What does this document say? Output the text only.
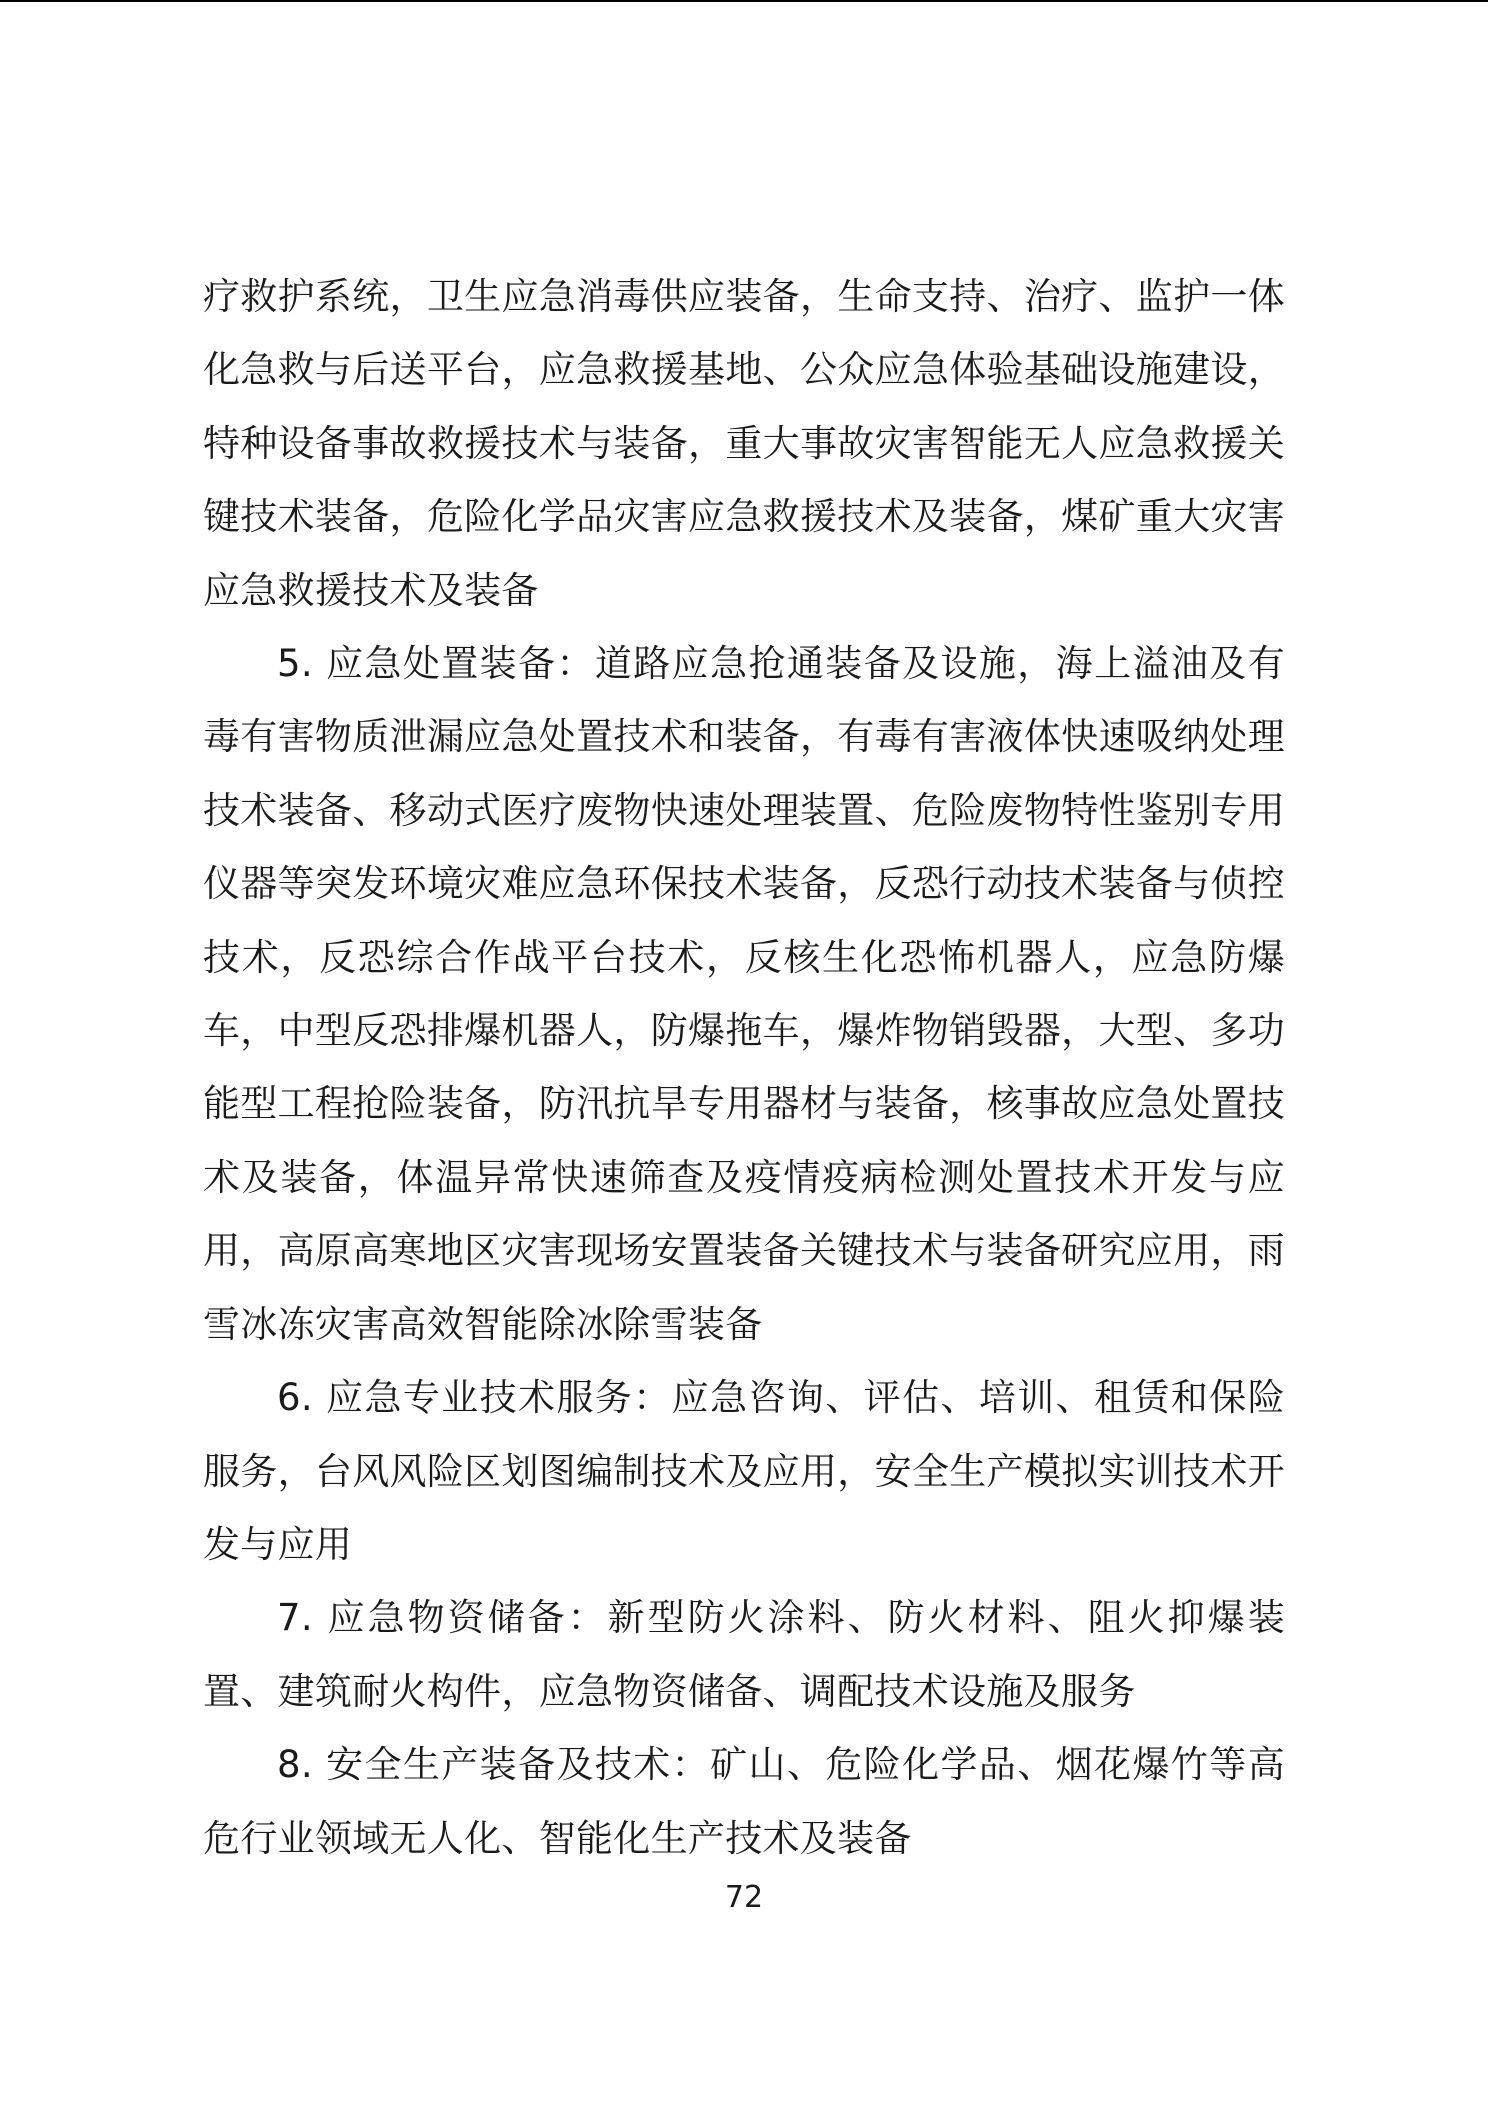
疗救护系统，卫生应急消毒供应装备，生命支持、治疗、监护一体化急救与后送平台，应急救援基地、公众应急体验基础设施建设，特种设备事故救援技术与装备，重大事故灾害智能无人应急救援关键技术装备，危险化学品灾害应急救援技术及装备，煤矿重大灾害应急救援技术及装备

5. 应急处置装备：道路应急抢通装备及设施，海上溢油及有毒有害物质泄漏应急处置技术和装备，有毒有害液体快速吸纳处理技术装备、移动式医疗废物快速处理装置、危险废物特性鉴别专用仪器等突发环境灾难应急环保技术装备，反恐行动技术装备与侦控技术，反恐综合作战平台技术，反核生化恐怖机器人，应急防爆车，中型反恐排爆机器人，防爆拖车，爆炸物销毁器，大型、多功能型工程抢险装备，防汛抗旱专用器材与装备，核事故应急处置技术及装备，体温异常快速筛查及疫情疫病检测处置技术开发与应用，高原高寒地区灾害现场安置装备关键技术与装备研究应用，雨雪冰冻灾害高效智能除冰除雪装备

6. 应急专业技术服务：应急咨询、评估、培训、租赁和保险服务，台风风险区划图编制技术及应用，安全生产模拟实训技术开发与应用

7. 应急物资储备：新型防火涂料、防火材料、阻火抑爆装置、建筑耐火构件，应急物资储备、调配技术设施及服务

8. 安全生产装备及技术：矿山、危险化学品、烟花爆竹等高危行业领域无人化、智能化生产技术及装备

72
